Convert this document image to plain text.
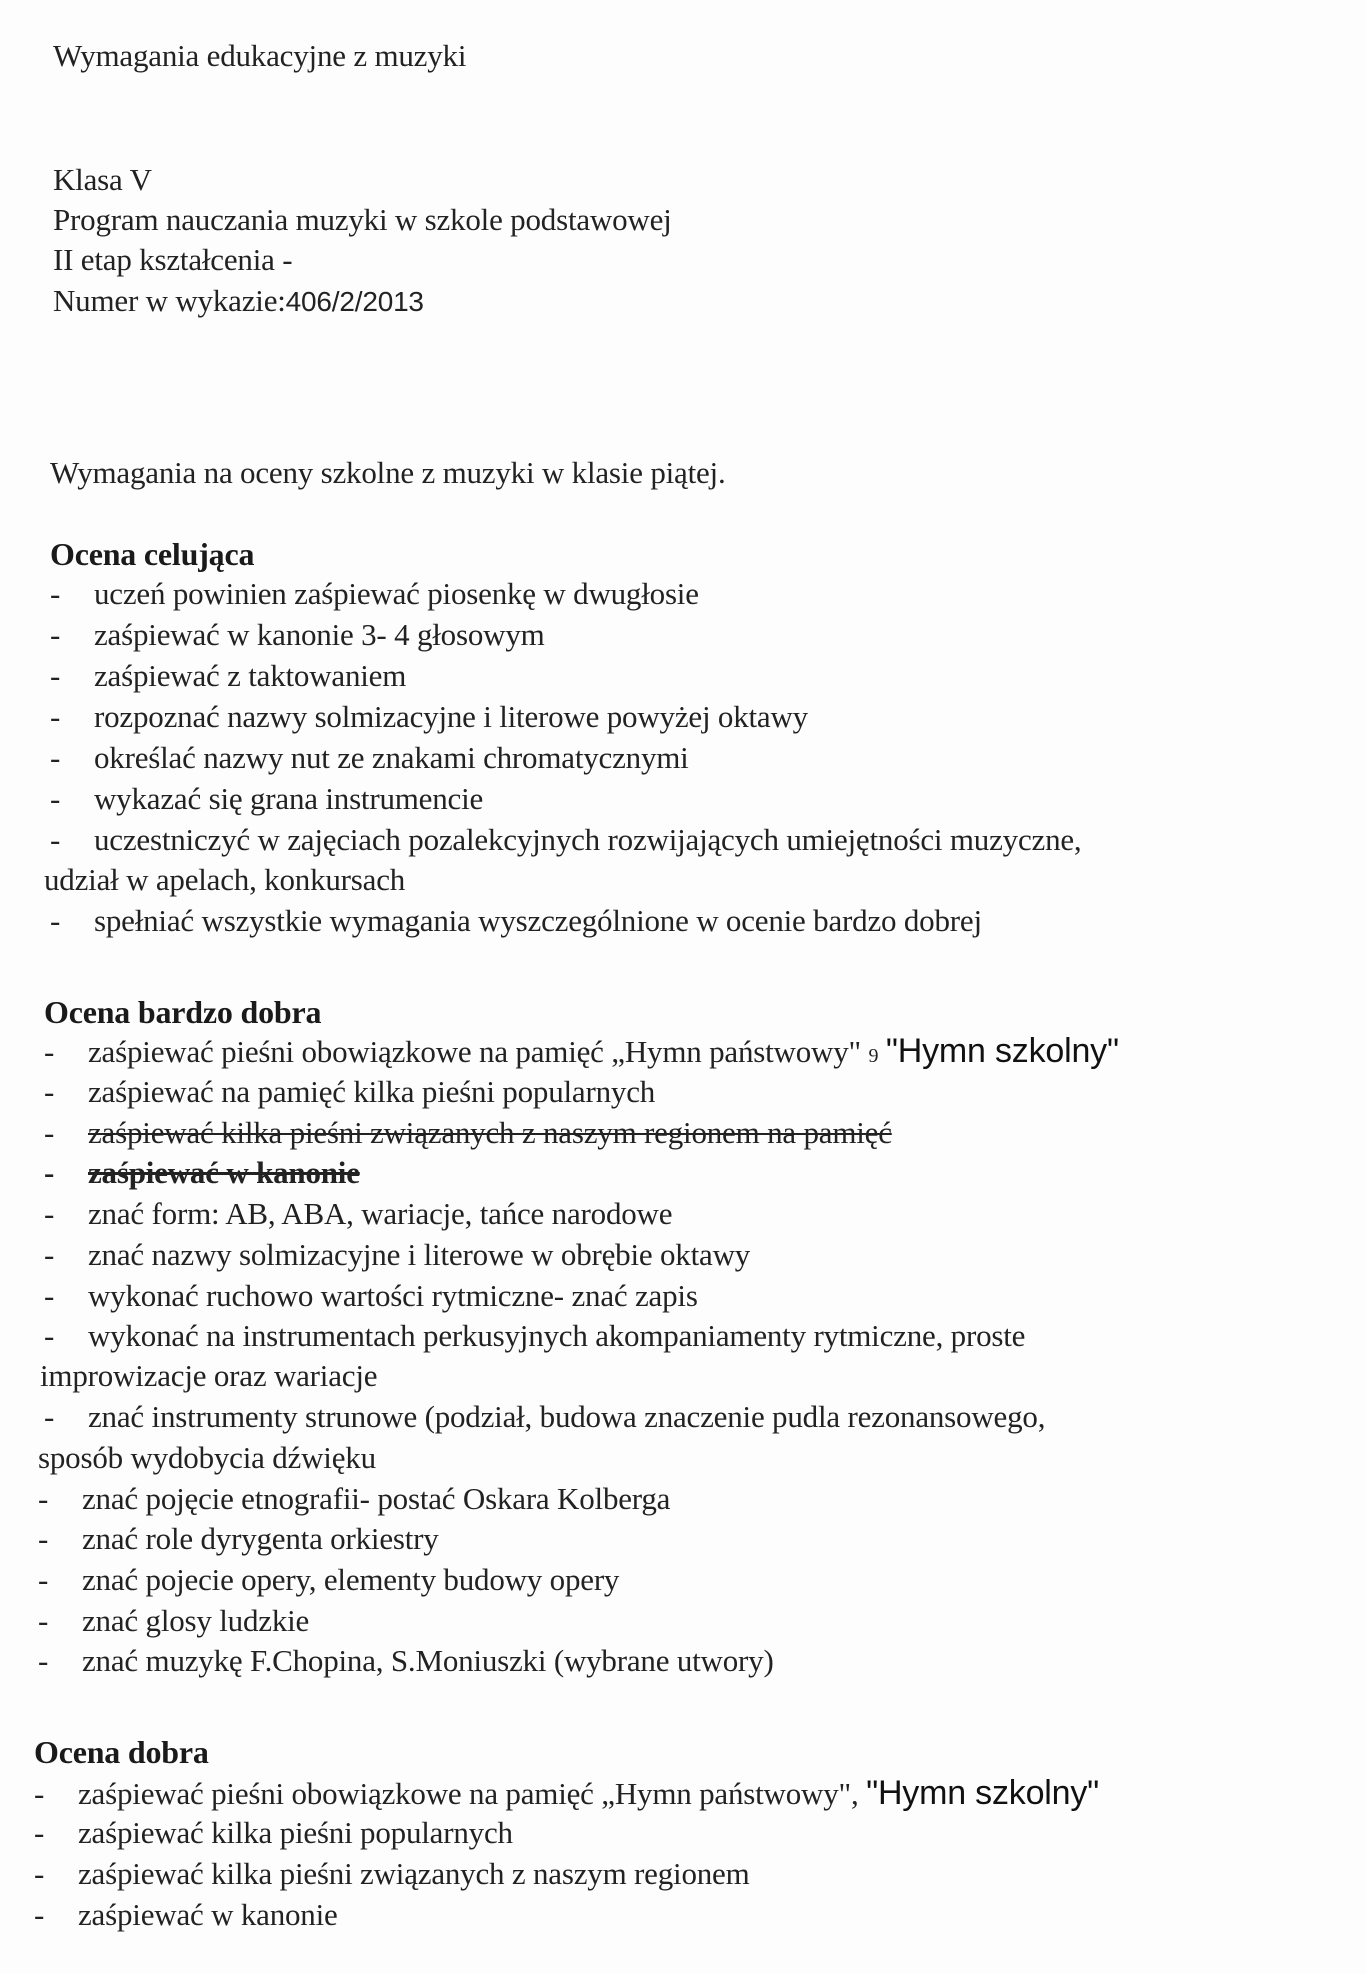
Wymagania edukacyjne z muzyki
Klasa V
Program nauczania muzyki w szkole podstawowej
II etap kształcenia -
Numer w wykazie:406/2/2013
Wymagania na oceny szkolne z muzyki w klasie piątej.
Ocena celująca
- uczeń powinien zaśpiewać piosenkę w dwugłosie
- zaśpiewać w kanonie 3- 4 głosowym
- zaśpiewać z taktowaniem
- rozpoznać nazwy solmizacyjne i literowe powyżej oktawy
- określać nazwy nut ze znakami chromatycznymi
- wykazać się grana instrumencie
- uczestniczyć w zajęciach pozalekcyjnych rozwijających umiejętności muzyczne,
udział w apelach, konkursach
- spełniać wszystkie wymagania wyszczególnione w ocenie bardzo dobrej
Ocena bardzo dobra
- zaśpiewać pieśni obowiązkowe na pamięć „Hymn państwowy" 9 "Hymn szkolny"
- zaśpiewać na pamięć kilka pieśni popularnych
- zaśpiewać kilka pieśni związanych z naszym regionem na pamięć
- zaśpiewać w kanonie
- znać form: AB, ABA, wariacje, tańce narodowe
- znać nazwy solmizacyjne i literowe w obrębie oktawy
- wykonać ruchowo wartości rytmiczne- znać zapis
- wykonać na instrumentach perkusyjnych akompaniamenty rytmiczne, proste
improwizacje oraz wariacje
- znać instrumenty strunowe (podział, budowa znaczenie pudla rezonansowego,
sposób wydobycia dźwięku
- znać pojęcie etnografii- postać Oskara Kolberga
- znać role dyrygenta orkiestry
- znać pojecie opery, elementy budowy opery
- znać glosy ludzkie
- znać muzykę F.Chopina, S.Moniuszki (wybrane utwory)
Ocena dobra
- zaśpiewać pieśni obowiązkowe na pamięć „Hymn państwowy", "Hymn szkolny"
- zaśpiewać kilka pieśni popularnych
- zaśpiewać kilka pieśni związanych z naszym regionem
- zaśpiewać w kanonie
